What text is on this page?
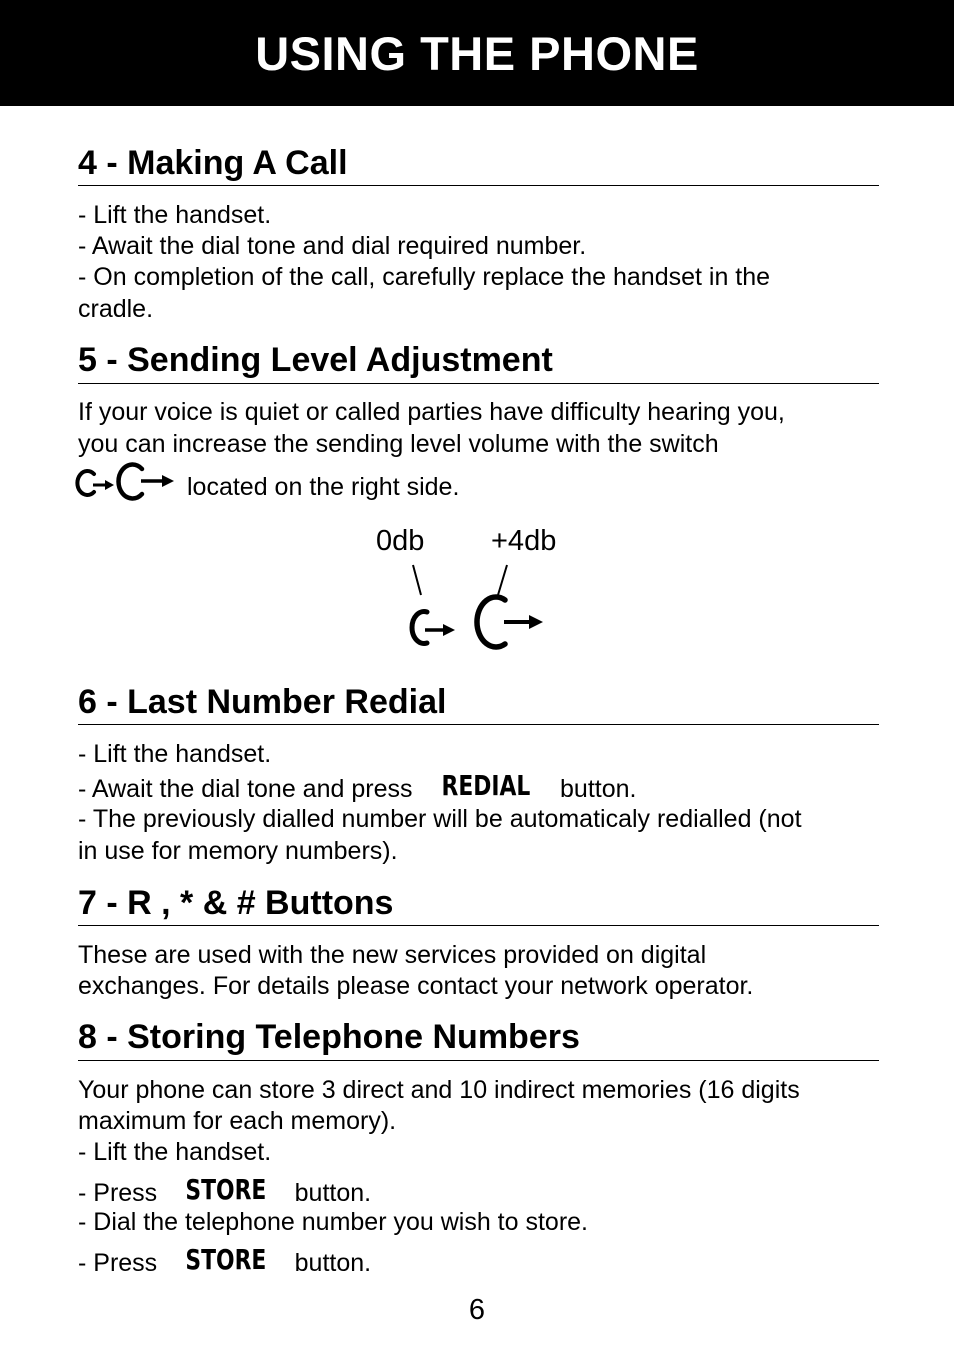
USING THE PHONE
4 - Making A Call

- Lift the handset.

- Await the dial tone and dial required number.

- On completion of the call, carefully replace the handset in the

cradle.

5 - Sending Level Adjustment

If your voice is quiet or called parties have difficulty hearing you,

you can increase the sending level volume with the switch

located on the right side.

0db +4db
6 - Last Number Redial

- Lift the handset.

- Await the dial tone and press REDIAL button.

- The previously dialled number will be automaticaly redialled (not

in use for memory numbers).

7 - R , * & # Buttons

These are used with the new services provided on digital

exchanges. For details please contact your network operator.

8 - Storing Telephone Numbers

Your phone can store 3 direct and 10 indirect memories (16 digits

maximum for each memory).

- Lift the handset.

- Press STORE button.

- Dial the telephone number you wish to store.

- Press STORE button.

6
